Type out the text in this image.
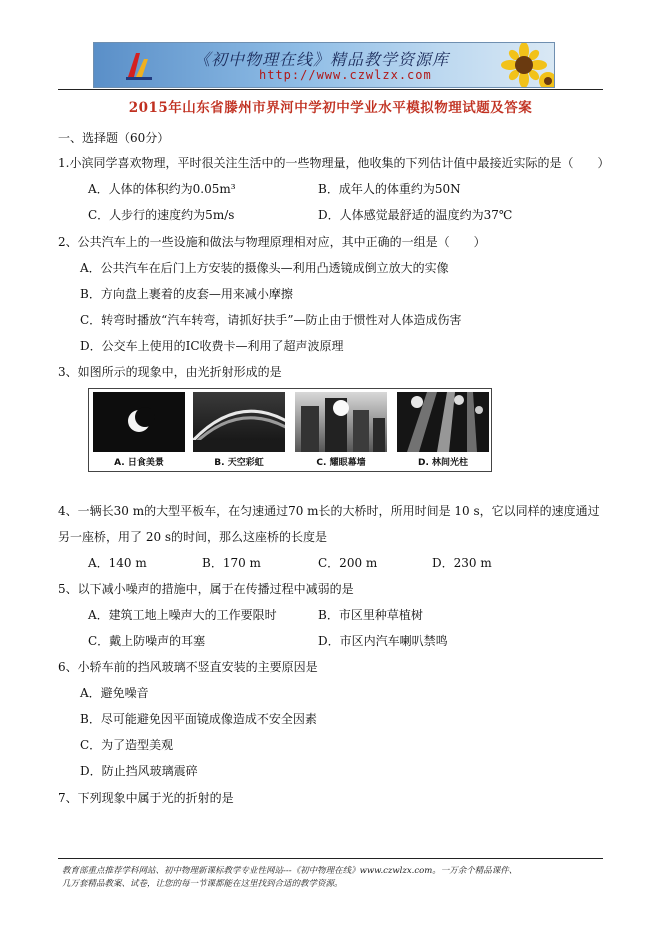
《初中物理在线》精品教学资源库
http://www.czwlzx.com
2015年山东省滕州市界河中学初中学业水平模拟物理试题及答案
一、选择题（60分）
1.小滨同学喜欢物理，平时很关注生活中的一些物理量，他收集的下列估计值中最接近实际的是（　　）
A．人体的体积约为0.05m³	B．成年人的体重约为50N
C．人步行的速度约为5m/s	D．人体感觉最舒适的温度约为37℃
2、公共汽车上的一些设施和做法与物理原理相对应，其中正确的一组是（　　）
A．公共汽车在后门上方安装的摄像头—利用凸透镜成倒立放大的实像
B．方向盘上裹着的皮套—用来减小摩擦
C．转弯时播放“汽车转弯，请抓好扶手”—防止由于惯性对人体造成伤害
D．公交车上使用的IC收费卡—利用了超声波原理
3、如图所示的现象中，由光折射形成的是
A. 日食美景	B. 天空彩虹	C. 耀眼幕墙	D. 林间光柱
4、一辆长30 m的大型平板车，在匀速通过70 m长的大桥时，所用时间是 10 s，它以同样的速度通过
另一座桥，用了 20 s的时间，那么这座桥的长度是
A．140 m	B．170 m	C．200 m	D．230 m
5、以下减小噪声的措施中，属于在传播过程中减弱的是
A．建筑工地上噪声大的工作要限时	B．市区里种草植树
C．戴上防噪声的耳塞	D．市区内汽车喇叭禁鸣
6、小轿车前的挡风玻璃不竖直安装的主要原因是
A．避免噪音
B．尽可能避免因平面镜成像造成不安全因素
C．为了造型美观
D．防止挡风玻璃震碎
7、下列现象中属于光的折射的是
教育部重点推荐学科网站、初中物理新课标教学专业性网站---《初中物理在线》www.czwlzx.com。一万余个精品课件、
几万套精品教案、试卷，让您的每一节课都能在这里找到合适的教学资源。
